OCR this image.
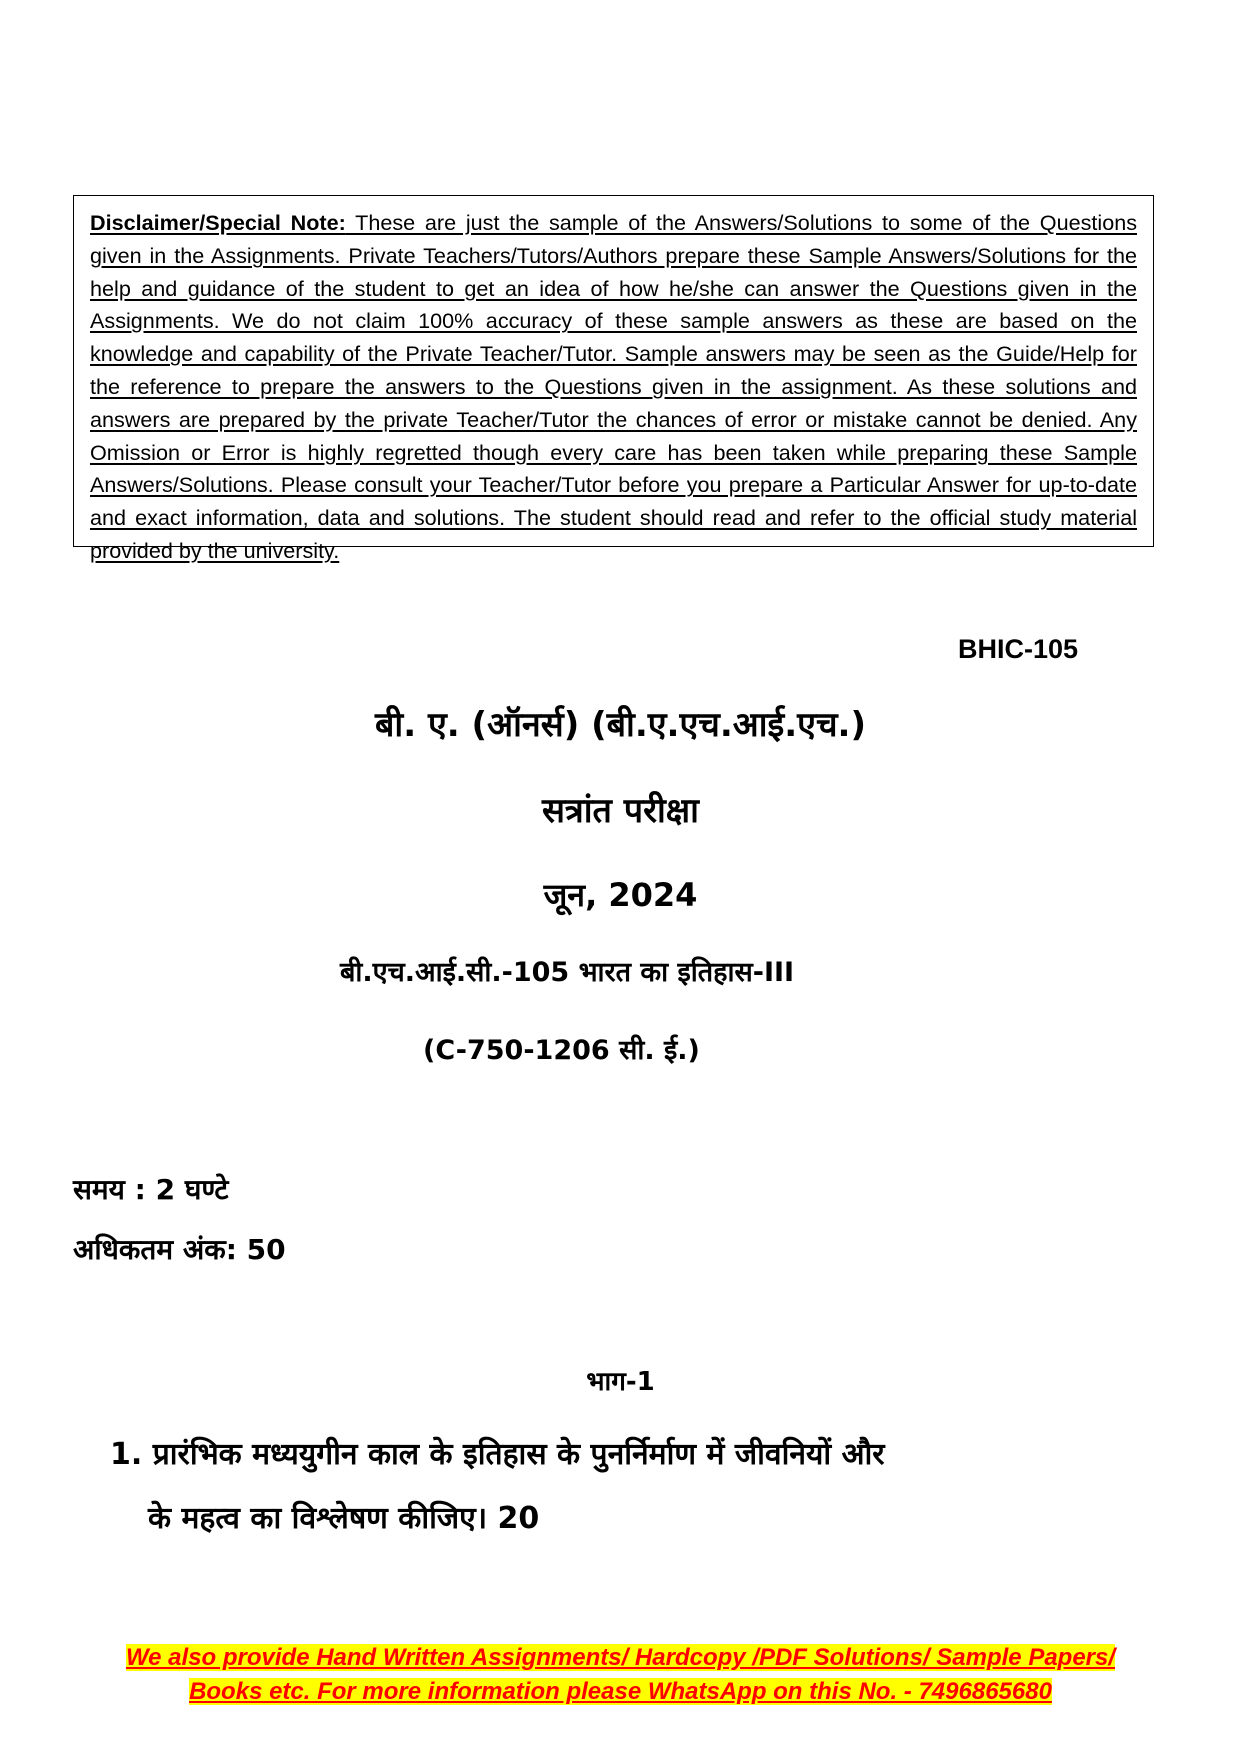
Disclaimer/Special Note: These are just the sample of the Answers/Solutions to some of the Questions given in the Assignments. Private Teachers/Tutors/Authors prepare these Sample Answers/Solutions for the help and guidance of the student to get an idea of how he/she can answer the Questions given in the Assignments. We do not claim 100% accuracy of these sample answers as these are based on the knowledge and capability of the Private Teacher/Tutor. Sample answers may be seen as the Guide/Help for the reference to prepare the answers to the Questions given in the assignment. As these solutions and answers are prepared by the private Teacher/Tutor the chances of error or mistake cannot be denied. Any Omission or Error is highly regretted though every care has been taken while preparing these Sample Answers/Solutions. Please consult your Teacher/Tutor before you prepare a Particular Answer for up-to-date and exact information, data and solutions. The student should read and refer to the official study material provided by the university.
BHIC-105
बी. ए. (ऑनर्स) (बी.ए.एच.आई.एच.)
सत्रांत परीक्षा
जून, 2024
बी.एच.आई.सी.-105 भारत का इतिहास-III
(C-750-1206 सी. ई.)
समय : 2 घण्टे
अधिकतम अंक: 50
भाग-1
1. प्रारंभिक मध्ययुगीन काल के इतिहास के पुनर्निर्माण में जीवनियों और
के महत्व का विश्लेषण कीजिए। 20
We also provide Hand Written Assignments/ Hardcopy /PDF Solutions/ Sample Papers/
Books etc. For more information please WhatsApp on this No. - 7496865680
